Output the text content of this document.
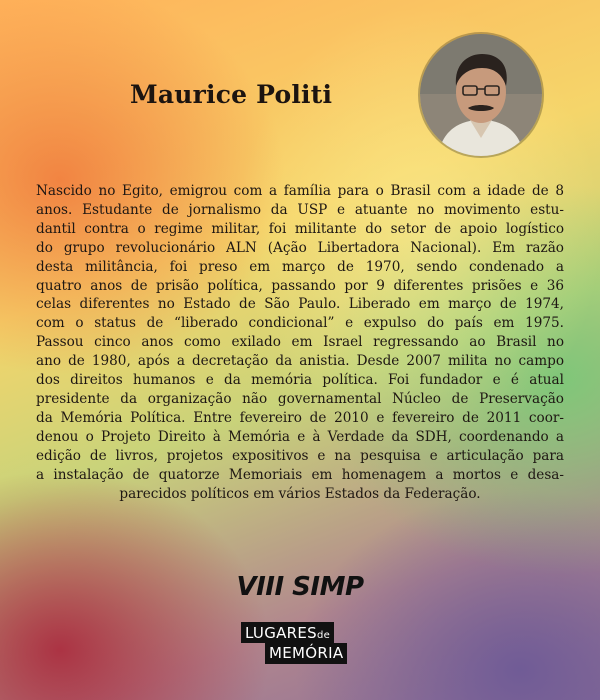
Maurice Politi
Nascido no Egito, emigrou com a família para o Brasil com a idade de 8
anos. Estudante de jornalismo da USP e atuante no movimento estu-
dantil contra o regime militar, foi militante do setor de apoio logístico
do grupo revolucionário ALN (Ação Libertadora Nacional). Em razão
desta militância, foi preso em março de 1970, sendo condenado a
quatro anos de prisão política, passando por 9 diferentes prisões e 36
celas diferentes no Estado de São Paulo. Liberado em março de 1974,
com o status de “liberado condicional” e expulso do país em 1975.
Passou cinco anos como exilado em Israel regressando ao Brasil no
ano de 1980, após a decretação da anistia. Desde 2007 milita no campo
dos direitos humanos e da memória política. Foi fundador e é atual
presidente da organização não governamental Núcleo de Preservação
da Memória Política. Entre fevereiro de 2010 e fevereiro de 2011 coor-
denou o Projeto Direito à Memória e à Verdade da SDH, coordenando a
edição de livros, projetos expositivos e na pesquisa e articulação para
a instalação de quatorze Memoriais em homenagem a mortos e desa-
parecidos políticos em vários Estados da Federação.
VIII SIMP
LUGARESde MEMÓRIA
